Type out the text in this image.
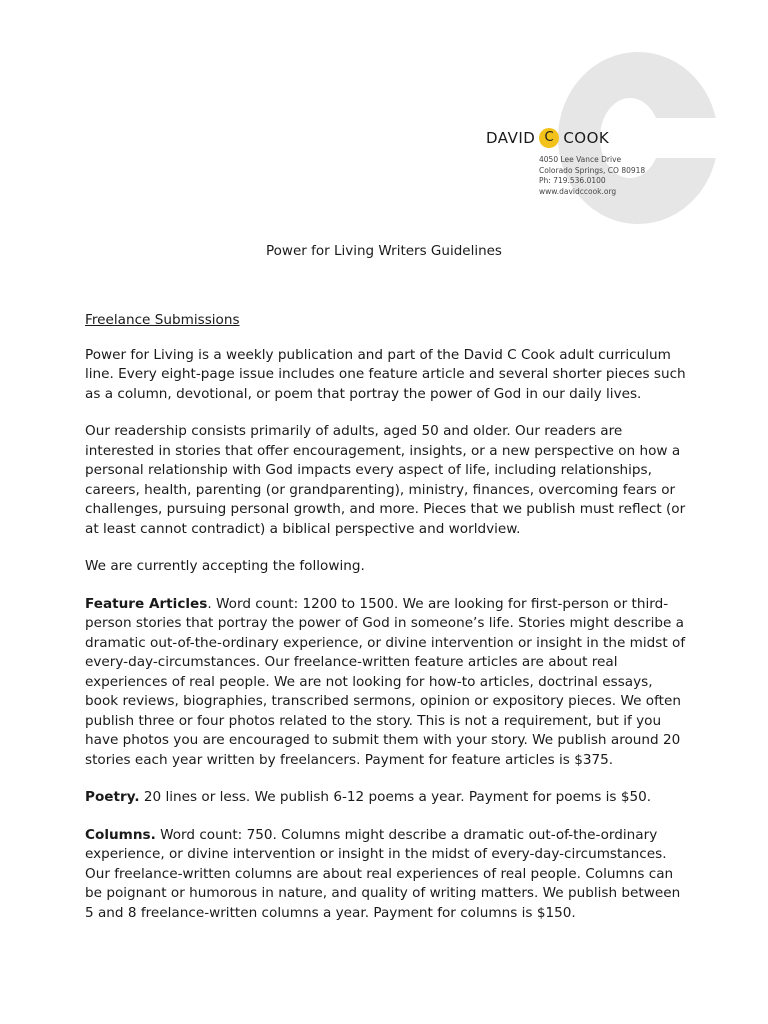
DAVID C COOK
4050 Lee Vance Drive
Colorado Springs, CO 80918
Ph: 719.536.0100
www.davidccook.org
Power for Living Writers Guidelines

Freelance Submissions

Power for Living is a weekly publication and part of the David C Cook adult curriculum line. Every eight-page issue includes one feature article and several shorter pieces such as a column, devotional, or poem that portray the power of God in our daily lives.

Our readership consists primarily of adults, aged 50 and older. Our readers are interested in stories that offer encouragement, insights, or a new perspective on how a personal relationship with God impacts every aspect of life, including relationships, careers, health, parenting (or grandparenting), ministry, finances, overcoming fears or challenges, pursuing personal growth, and more. Pieces that we publish must reflect (or at least cannot contradict) a biblical perspective and worldview.

We are currently accepting the following.

Feature Articles. Word count: 1200 to 1500. We are looking for first-person or third-person stories that portray the power of God in someone’s life. Stories might describe a dramatic out-of-the-ordinary experience, or divine intervention or insight in the midst of every-day-circumstances. Our freelance-written feature articles are about real experiences of real people. We are not looking for how-to articles, doctrinal essays, book reviews, biographies, transcribed sermons, opinion or expository pieces. We often publish three or four photos related to the story. This is not a requirement, but if you have photos you are encouraged to submit them with your story. We publish around 20 stories each year written by freelancers. Payment for feature articles is $375.

Poetry. 20 lines or less. We publish 6-12 poems a year. Payment for poems is $50.

Columns. Word count: 750. Columns might describe a dramatic out-of-the-ordinary experience, or divine intervention or insight in the midst of every-day-circumstances. Our freelance-written columns are about real experiences of real people. Columns can be poignant or humorous in nature, and quality of writing matters. We publish between 5 and 8 freelance-written columns a year. Payment for columns is $150.
